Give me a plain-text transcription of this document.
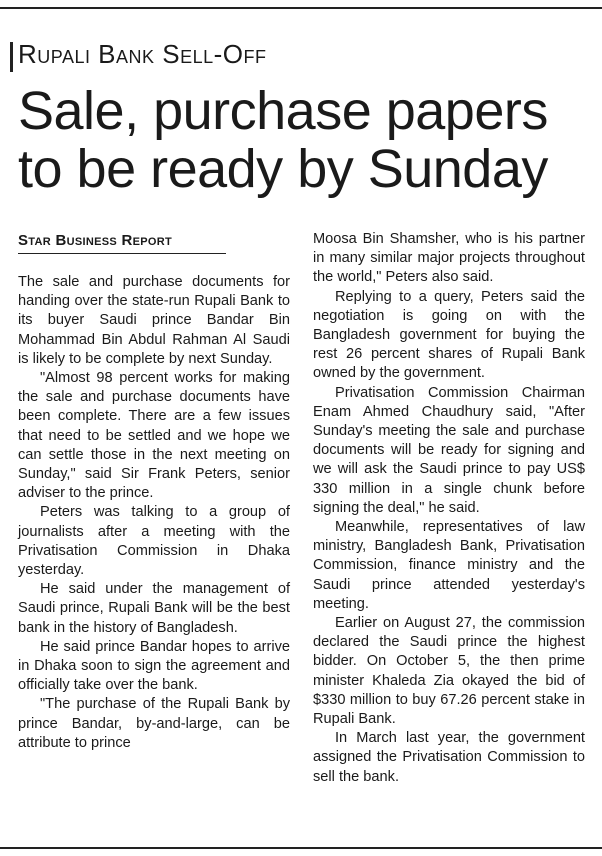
Rupali Bank Sell-Off
Sale, purchase papers to be ready by Sunday
Star Business Report

The sale and purchase documents for handing over the state-run Rupali Bank to its buyer Saudi prince Bandar Bin Mohammad Bin Abdul Rahman Al Saudi is likely to be complete by next Sunday.

"Almost 98 percent works for making the sale and purchase documents have been complete. There are a few issues that need to be settled and we hope we can settle those in the next meeting on Sunday," said Sir Frank Peters, senior adviser to the prince.

Peters was talking to a group of journalists after a meeting with the Privatisation Commission in Dhaka yesterday.

He said under the management of Saudi prince, Rupali Bank will be the best bank in the history of Bangladesh.

He said prince Bandar hopes to arrive in Dhaka soon to sign the agreement and officially take over the bank.

"The purchase of the Rupali Bank by prince Bandar, by-and-large, can be attribute to prince

Moosa Bin Shamsher, who is his partner in many similar major projects throughout the world," Peters also said.

Replying to a query, Peters said the negotiation is going on with the Bangladesh government for buying the rest 26 percent shares of Rupali Bank owned by the government.

Privatisation Commission Chairman Enam Ahmed Chaudhury said, "After Sunday's meeting the sale and purchase documents will be ready for signing and we will ask the Saudi prince to pay US$ 330 million in a single chunk before signing the deal," he said.

Meanwhile, representatives of law ministry, Bangladesh Bank, Privatisation Commission, finance ministry and the Saudi prince attended yesterday's meeting.

Earlier on August 27, the commission declared the Saudi prince the highest bidder. On October 5, the then prime minister Khaleda Zia okayed the bid of $330 million to buy 67.26 percent stake in Rupali Bank.

In March last year, the government assigned the Privatisation Commission to sell the bank.
